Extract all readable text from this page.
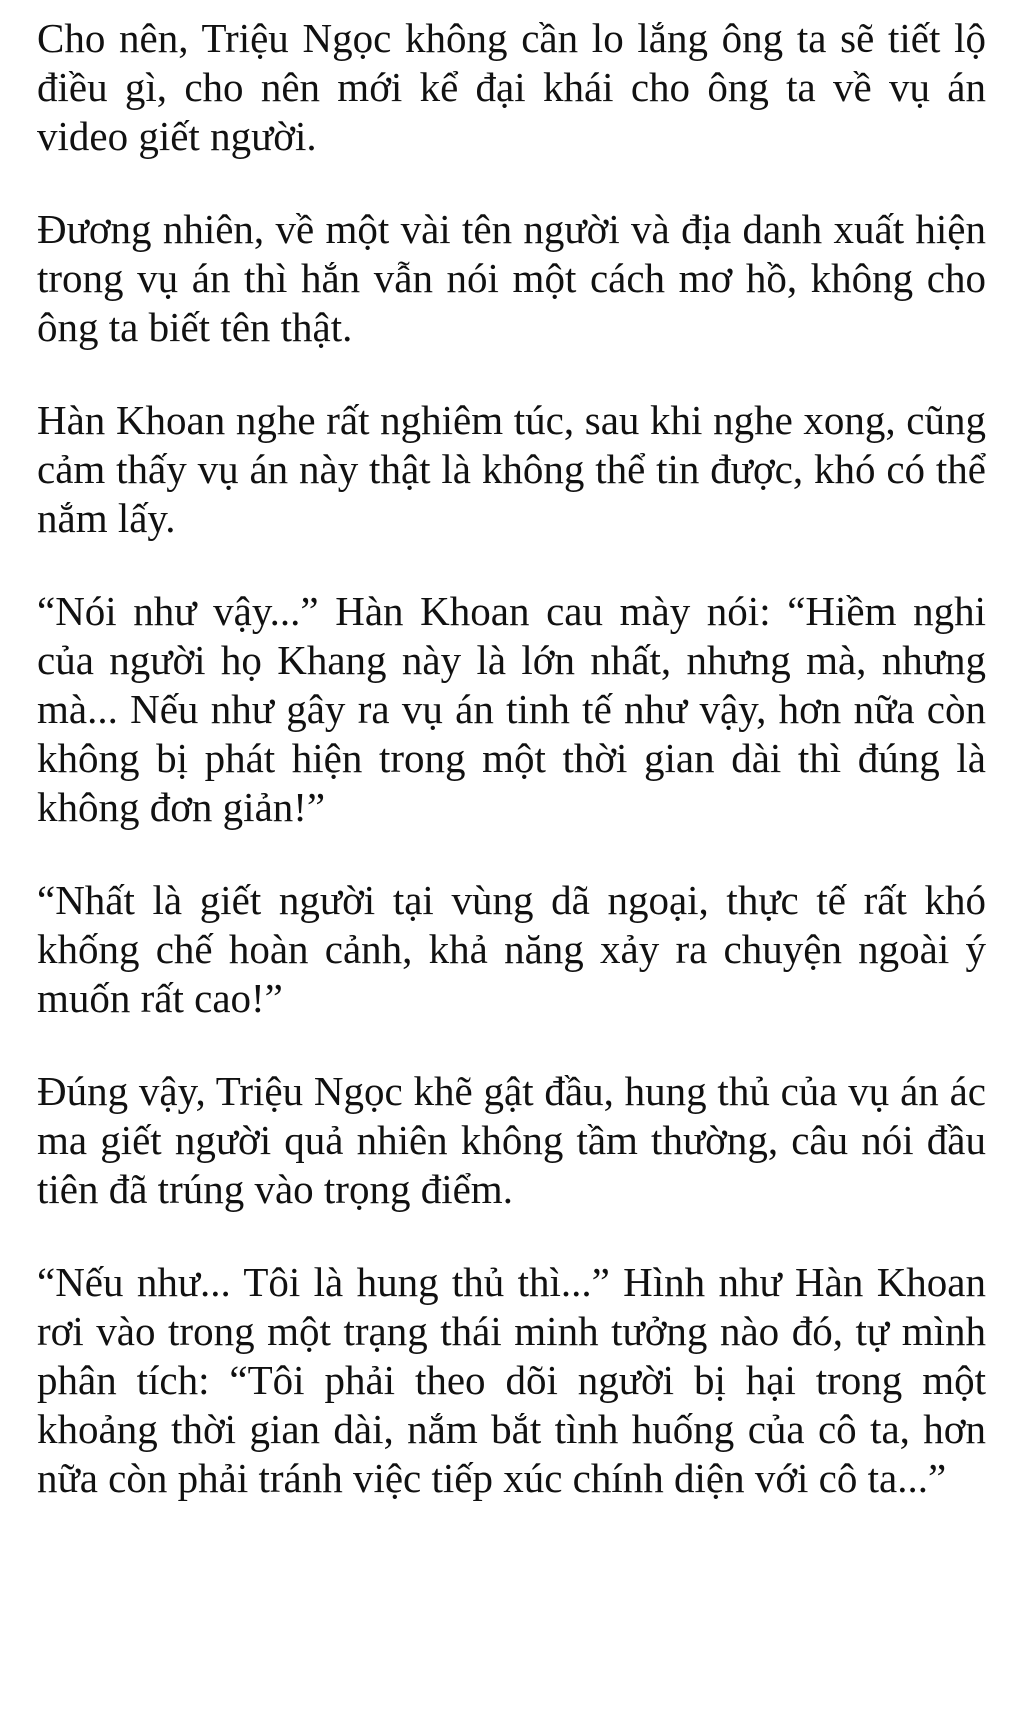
Cho nên, Triệu Ngọc không cần lo lắng ông ta sẽ tiết lộ điều gì, cho nên mới kể đại khái cho ông ta về vụ án video giết người.

Đương nhiên, về một vài tên người và địa danh xuất hiện trong vụ án thì hắn vẫn nói một cách mơ hồ, không cho ông ta biết tên thật.

Hàn Khoan nghe rất nghiêm túc, sau khi nghe xong, cũng cảm thấy vụ án này thật là không thể tin được, khó có thể nắm lấy.

“Nói như vậy...” Hàn Khoan cau mày nói: “Hiềm nghi của người họ Khang này là lớn nhất, nhưng mà, nhưng mà... Nếu như gây ra vụ án tinh tế như vậy, hơn nữa còn không bị phát hiện trong một thời gian dài thì đúng là không đơn giản!”

“Nhất là giết người tại vùng dã ngoại, thực tế rất khó khống chế hoàn cảnh, khả năng xảy ra chuyện ngoài ý muốn rất cao!”

Đúng vậy, Triệu Ngọc khẽ gật đầu, hung thủ của vụ án ác ma giết người quả nhiên không tầm thường, câu nói đầu tiên đã trúng vào trọng điểm.

“Nếu như... Tôi là hung thủ thì...” Hình như Hàn Khoan rơi vào trong một trạng thái minh tưởng nào đó, tự mình phân tích: “Tôi phải theo dõi người bị hại trong một khoảng thời gian dài, nắm bắt tình huống của cô ta, hơn nữa còn phải tránh việc tiếp xúc chính diện với cô ta...”
